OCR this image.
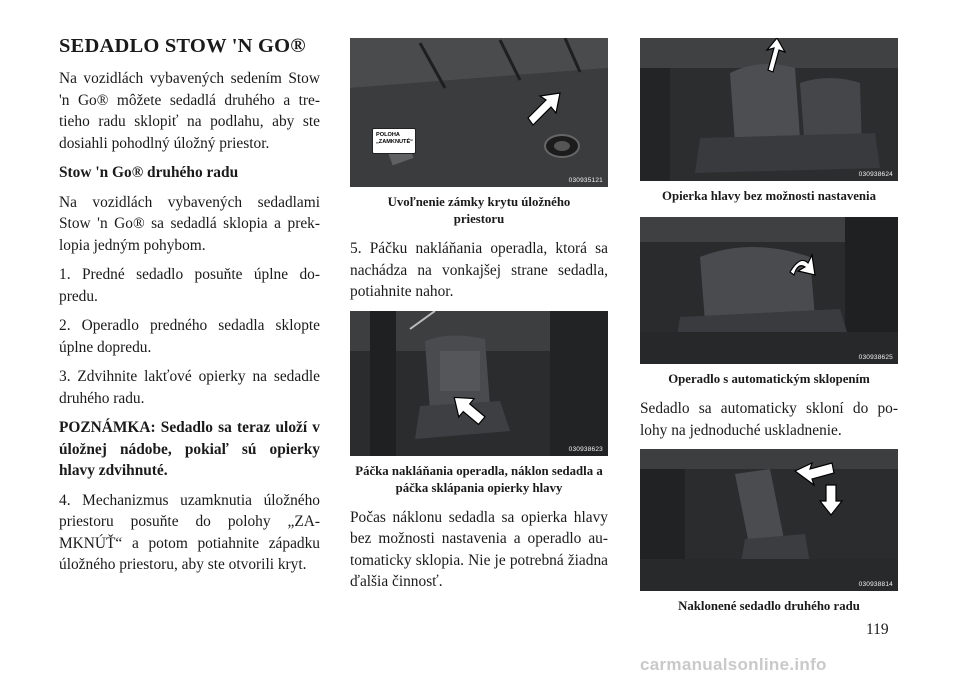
SEDADLO STOW 'N GO®

Na vozidlách vybavených sedením Stow 'n Go® môžete sedadlá druhého a tre-tieho radu sklopiť na podlahu, aby ste dosiahli pohodlný úložný priestor.

Stow 'n Go® druhého radu

Na vozidlách vybavených sedadlami Stow 'n Go® sa sedadlá sklopia a prek-lopia jedným pohybom.

1. Predné sedadlo posuňte úplne do-predu.

2. Operadlo predného sedadla sklopte úplne dopredu.

3. Zdvihnite lakťové opierky na sedadle druhého radu.

POZNÁMKA: Sedadlo sa teraz uloží v úložnej nádobe, pokiaľ sú opierky hlavy zdvihnuté.

4. Mechanizmus uzamknutia úložného priestoru posuňte do polohy „ZA-MKNÚŤ“ a potom potiahnite západku úložného priestoru, aby ste otvorili kryt.

POLOHA „ZAMKNUTÉ“
030935121

Uvoľnenie zámky krytu úložného priestoru

5. Páčku nakláňania operadla, ktorá sa nachádza na vonkajšej strane sedadla, potiahnite nahor.

030938623

Páčka nakláňania operadla, náklon sedadla a páčka sklápania opierky hlavy

Počas náklonu sedadla sa opierka hlavy bez možnosti nastavenia a operadlo au-tomaticky sklopia. Nie je potrebná žiadna ďalšia činnosť.

030938624

Opierka hlavy bez možnosti nastavenia

030938625

Operadlo s automatickým sklopením

Sedadlo sa automaticky skloní do po-lohy na jednoduché uskladnenie.

030938814

Naklonené sedadlo druhého radu

119
carmanualsonline.info
